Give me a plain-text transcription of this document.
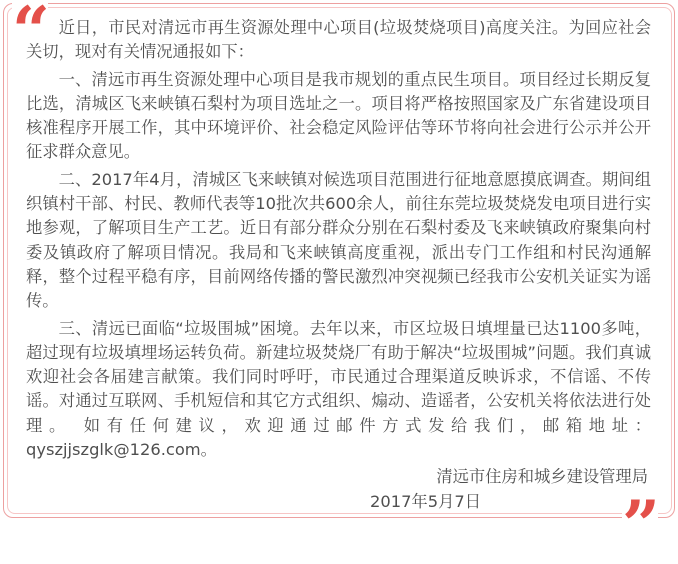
“
”

近日，市民对清远市再生资源处理中心项目(垃圾焚烧项目)高度关注。为回应社会关切，现对有关情况通报如下：

一、清远市再生资源处理中心项目是我市规划的重点民生项目。项目经过长期反复比选，清城区飞来峡镇石梨村为项目选址之一。项目将严格按照国家及广东省建设项目核准程序开展工作，其中环境评价、社会稳定风险评估等环节将向社会进行公示并公开征求群众意见。

二、2017年4月，清城区飞来峡镇对候选项目范围进行征地意愿摸底调查。期间组织镇村干部、村民、教师代表等10批次共600余人，前往东莞垃圾焚烧发电项目进行实地参观，了解项目生产工艺。近日有部分群众分别在石梨村委及飞来峡镇政府聚集向村委及镇政府了解项目情况。我局和飞来峡镇高度重视，派出专门工作组和村民沟通解释，整个过程平稳有序，目前网络传播的警民激烈冲突视频已经我市公安机关证实为谣传。

三、清远已面临“垃圾围城”困境。去年以来，市区垃圾日填埋量已达1100多吨，超过现有垃圾填埋场运转负荷。新建垃圾焚烧厂有助于解决“垃圾围城”问题。我们真诚欢迎社会各届建言献策。我们同时呼吁，市民通过合理渠道反映诉求，不信谣、不传谣。对通过互联网、手机短信和其它方式组织、煽动、造谣者，公安机关将依法进行处理。 如有任何建议，欢迎通过邮件方式发给我们，邮箱地址：qyszjjszglk@126.com。

清远市住房和城乡建设管理局
2017年5月7日
